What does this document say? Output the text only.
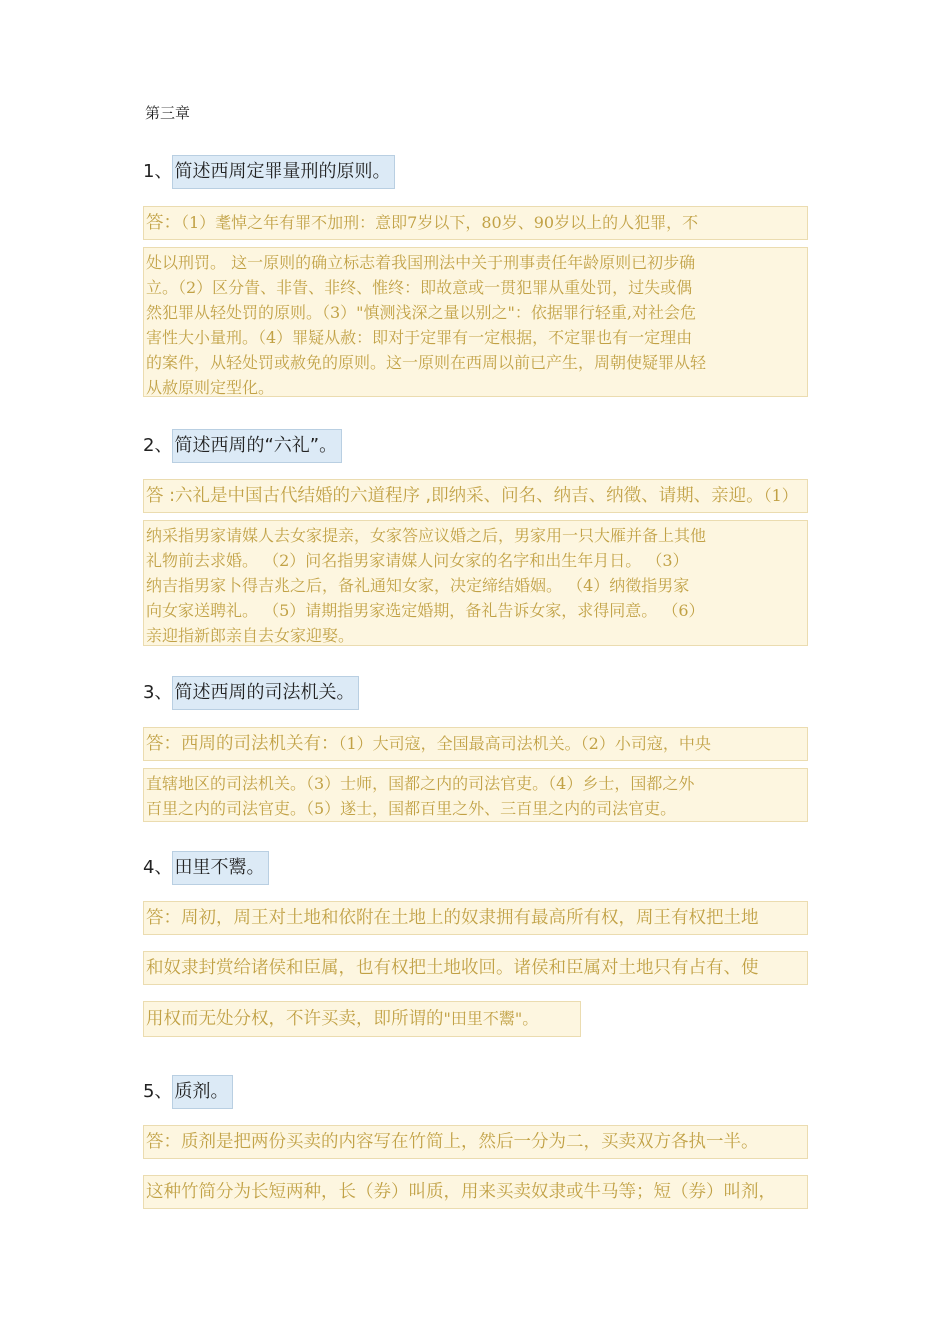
第三章
1、 简述西周定罪量刑的原则。
答：（1）耄悼之年有罪不加刑：意即7岁以下，80岁、90岁以上的人犯罪，不
处以刑罚。 这一原则的确立标志着我国刑法中关于刑事责任年龄原则已初步确
立。（2）区分眚、非眚、非终、惟终：即故意或一贯犯罪从重处罚，过失或偶
然犯罪从轻处罚的原则。（3）"慎测浅深之量以别之"：依据罪行轻重,对社会危
害性大小量刑。（4）罪疑从赦：即对于定罪有一定根据，不定罪也有一定理由
的案件，从轻处罚或赦免的原则。这一原则在西周以前已产生，周朝使疑罪从轻
从赦原则定型化。
2、 简述西周的“六礼”。
答 :六礼是中国古代结婚的六道程序 ,即纳采、问名、纳吉、纳徵、请期、亲迎。（1）
纳采指男家请媒人去女家提亲，女家答应议婚之后，男家用一只大雁并备上其他
礼物前去求婚。 （2）问名指男家请媒人问女家的名字和出生年月日。 （3）
纳吉指男家卜得吉兆之后，备礼通知女家，决定缔结婚姻。 （4）纳徵指男家
向女家送聘礼。 （5）请期指男家选定婚期，备礼告诉女家，求得同意。 （6）
亲迎指新郎亲自去女家迎娶。
3、 简述西周的司法机关。
答：西周的司法机关有：（1）大司寇，全国最高司法机关。（2）小司寇，中央
直辖地区的司法机关。（3）士师，国都之内的司法官吏。（4）乡士，国都之外
百里之内的司法官吏。（5）遂士，国都百里之外、三百里之内的司法官吏。
4、 田里不鬻。
答：周初，周王对土地和依附在土地上的奴隶拥有最高所有权，周王有权把土地
和奴隶封赏给诸侯和臣属，也有权把土地收回。诸侯和臣属对土地只有占有、使
用权而无处分权，不许买卖，即所谓的"田里不鬻"。
5、 质剂。
答：质剂是把两份买卖的内容写在竹简上，然后一分为二，买卖双方各执一半。
这种竹简分为长短两种，长（券）叫质，用来买卖奴隶或牛马等；短（券）叫剂，
